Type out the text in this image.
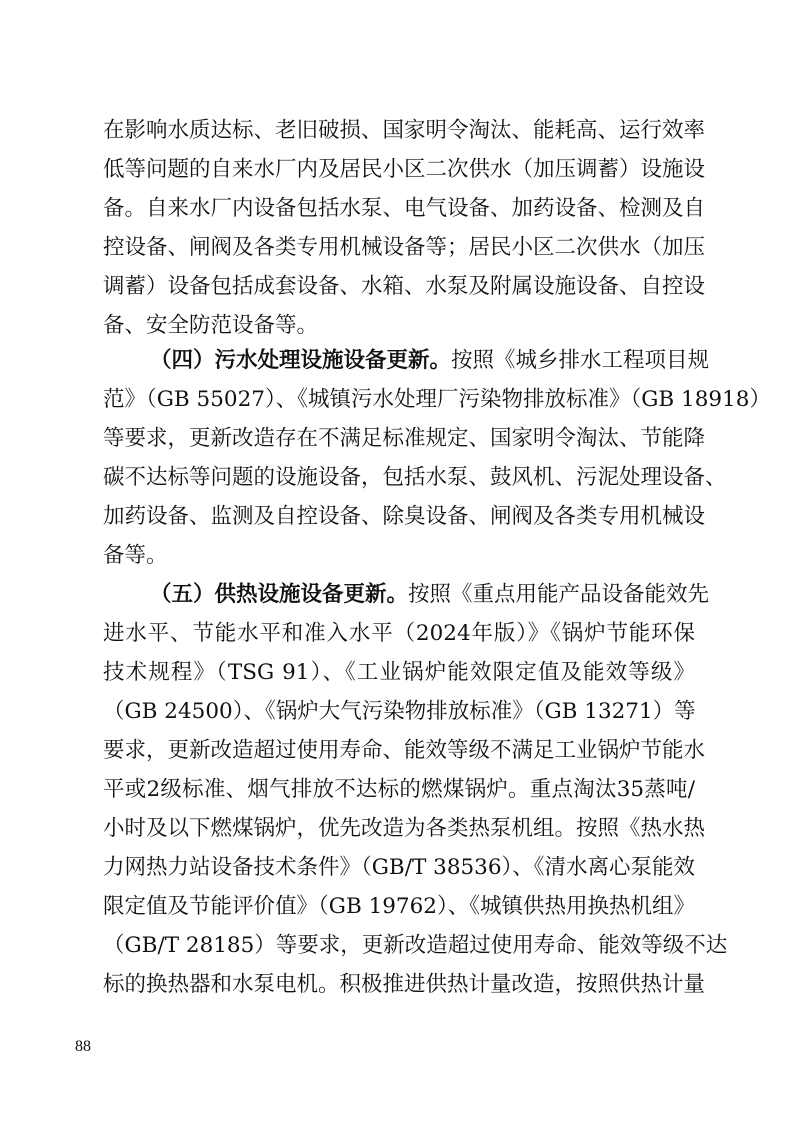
在影响水质达标、老旧破损、国家明令淘汰、能耗高、运行效率
低等问题的自来水厂内及居民小区二次供水（加压调蓄）设施设
备。自来水厂内设备包括水泵、电气设备、加药设备、检测及自
控设备、闸阀及各类专用机械设备等；居民小区二次供水（加压
调蓄）设备包括成套设备、水箱、水泵及附属设施设备、自控设
备、安全防范设备等。
（四）污水处理设施设备更新。按照《城乡排水工程项目规
范》（GB 55027）、《城镇污水处理厂污染物排放标准》（GB 18918）
等要求，更新改造存在不满足标准规定、国家明令淘汰、节能降
碳不达标等问题的设施设备，包括水泵、鼓风机、污泥处理设备、
加药设备、监测及自控设备、除臭设备、闸阀及各类专用机械设
备等。
（五）供热设施设备更新。按照《重点用能产品设备能效先
进水平、节能水平和准入水平（2024年版）》《锅炉节能环保
技术规程》（TSG 91）、《工业锅炉能效限定值及能效等级》
（GB 24500）、《锅炉大气污染物排放标准》（GB 13271）等
要求，更新改造超过使用寿命、能效等级不满足工业锅炉节能水
平或2级标准、烟气排放不达标的燃煤锅炉。重点淘汰35蒸吨/
小时及以下燃煤锅炉，优先改造为各类热泵机组。按照《热水热
力网热力站设备技术条件》（GB/T 38536）、《清水离心泵能效
限定值及节能评价值》（GB 19762）、《城镇供热用换热机组》
（GB/T 28185）等要求，更新改造超过使用寿命、能效等级不达
标的换热器和水泵电机。积极推进供热计量改造，按照供热计量
88
